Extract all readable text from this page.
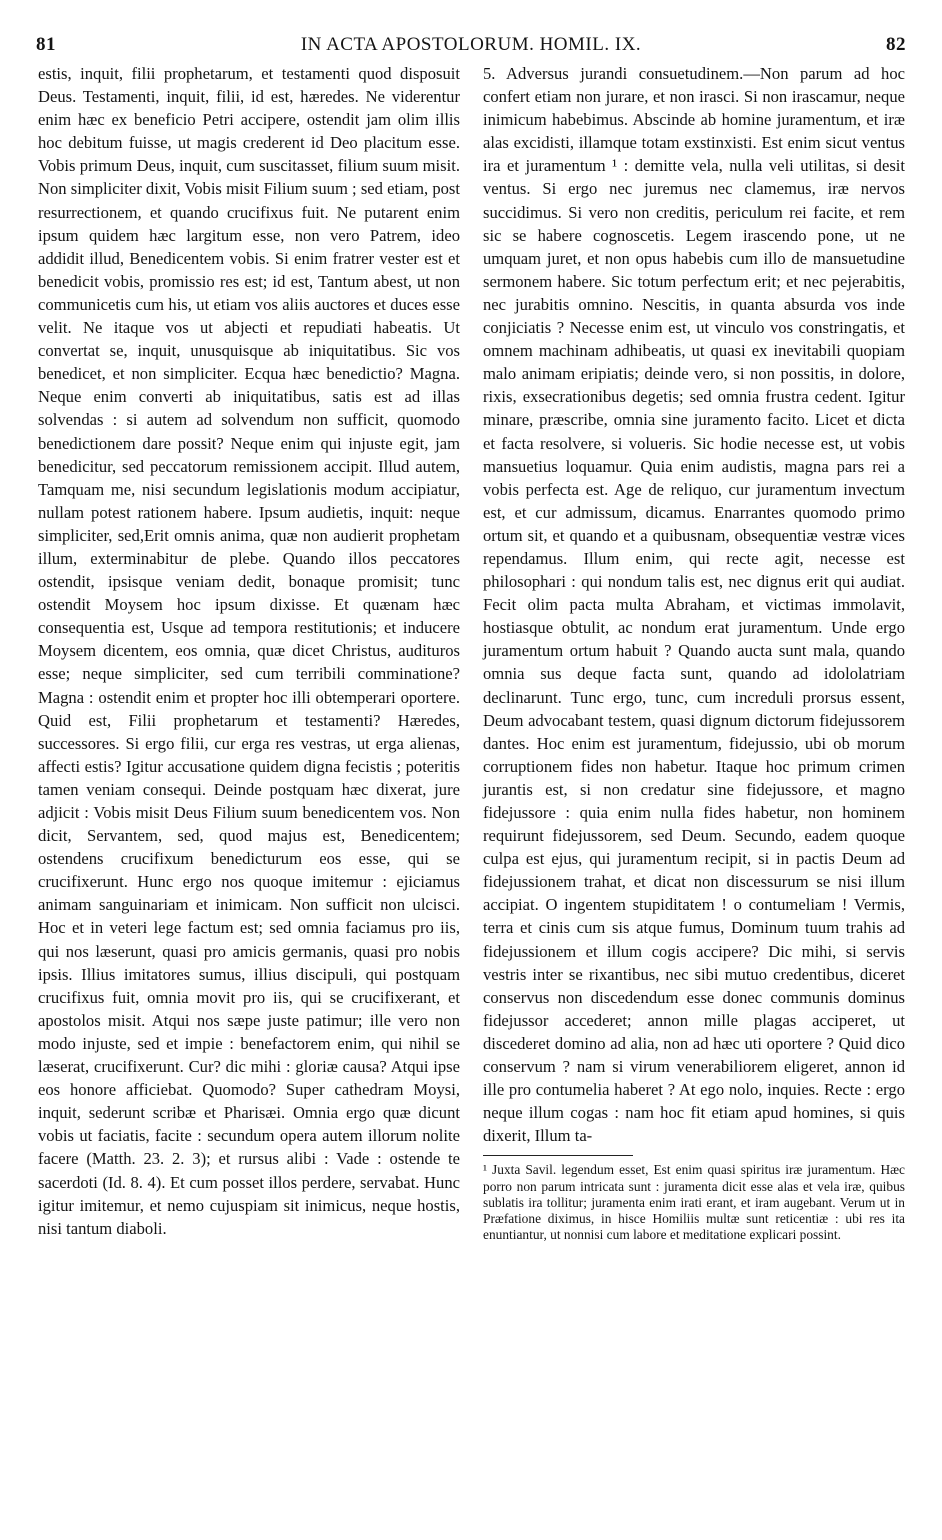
81	IN ACTA APOSTOLORUM. HOMIL. IX.	82

estis, inquit, filii prophetarum, et testamenti quod disposuit Deus. Testamenti, inquit, filii, id est, hæredes. Ne viderentur enim hæc ex beneficio Petri accipere, ostendit jam olim illis hoc debitum fuisse, ut magis crederent id Deo placitum esse. Vobis primum Deus, inquit, cum suscitasset, filium suum misit. Non simpliciter dixit, Vobis misit Filium suum ; sed etiam, post resurrectionem, et quando crucifixus fuit. Ne putarent enim ipsum quidem hæc largitum esse, non vero Patrem, ideo addidit illud, Benedicentem vobis. Si enim fratrer vester est et benedicit vobis, promissio res est; id est, Tantum abest, ut non communicetis cum his, ut etiam vos aliis auctores et duces esse velit. Ne itaque vos ut abjecti et repudiati habeatis. Ut convertat se, inquit, unusquisque ab iniquitatibus. Sic vos benedicet, et non simpliciter. Ecqua hæc benedictio? Magna. Neque enim converti ab iniquitatibus, satis est ad illas solvendas : si autem ad solvendum non sufficit, quomodo benedictionem dare possit? Neque enim qui injuste egit, jam benedicitur, sed peccatorum remissionem accipit. Illud autem, Tamquam me, nisi secundum legislationis modum accipiatur, nullam potest rationem habere. Ipsum audietis, inquit: neque simpliciter, sed,Erit omnis anima, quæ non audierit prophetam illum, exterminabitur de plebe. Quando illos peccatores ostendit, ipsisque veniam dedit, bonaque promisit; tunc ostendit Moysem hoc ipsum dixisse. Et quænam hæc consequentia est, Usque ad tempora restitutionis; et inducere Moysem dicentem, eos omnia, quæ dicet Christus, audituros esse; neque simpliciter, sed cum terribili comminatione? Magna : ostendit enim et propter hoc illi obtemperari oportere. Quid est, Filii prophetarum et testamenti? Hæredes, successores. Si ergo filii, cur erga res vestras, ut erga alienas, affecti estis? Igitur accusatione quidem digna fecistis ; poteritis tamen veniam consequi. Deinde postquam hæc dixerat, jure adjicit : Vobis misit Deus Filium suum benedicentem vos. Non dicit, Servantem, sed, quod majus est, Benedicentem; ostendens crucifixum benedicturum eos esse, qui se crucifixerunt. Hunc ergo nos quoque imitemur : ejiciamus animam sanguinariam et inimicam. Non sufficit non ulcisci. Hoc et in veteri lege factum est; sed omnia faciamus pro iis, qui nos læserunt, quasi pro amicis germanis, quasi pro nobis ipsis. Illius imitatores sumus, illius discipuli, qui postquam crucifixus fuit, omnia movit pro iis, qui se crucifixerant, et apostolos misit. Atqui nos sæpe juste patimur; ille vero non modo injuste, sed et impie : benefactorem enim, qui nihil se læserat, crucifixerunt. Cur? dic mihi : gloriæ causa? Atqui ipse eos honore afficiebat. Quomodo? Super cathedram Moysi, inquit, sederunt scribæ et Pharisæi. Omnia ergo quæ dicunt vobis ut faciatis, facite : secundum opera autem illorum nolite facere (Matth. 23. 2. 3); et rursus alibi : Vade : ostende te sacerdoti (Id. 8. 4). Et cum posset illos perdere, servabat. Hunc igitur imitemur, et nemo cujuspiam sit inimicus, neque hostis, nisi tantum diaboli.

5. Adversus jurandi consuetudinem.—Non parum ad hoc confert etiam non jurare, et non irasci. Si non irascamur, neque inimicum habebimus. Abscinde ab homine juramentum, et iræ alas excidisti, illamque totam exstinxisti. Est enim sicut ventus ira et juramentum ¹ : demitte vela, nulla veli utilitas, si desit ventus. Si ergo nec juremus nec clamemus, iræ nervos succidimus. Si vero non creditis, periculum rei facite, et rem sic se habere cognoscetis. Legem irascendo pone, ut ne umquam juret, et non opus habebis cum illo de mansuetudine sermonem habere. Sic totum perfectum erit; et nec pejerabitis, nec jurabitis omnino. Nescitis, in quanta absurda vos inde conjiciatis ? Necesse enim est, ut vinculo vos constringatis, et omnem machinam adhibeatis, ut quasi ex inevitabili quopiam malo animam eripiatis; deinde vero, si non possitis, in dolore, rixis, exsecrationibus degetis; sed omnia frustra cedent. Igitur minare, præscribe, omnia sine juramento facito. Licet et dicta et facta resolvere, si volueris. Sic hodie necesse est, ut vobis mansuetius loquamur. Quia enim audistis, magna pars rei a vobis perfecta est. Age de reliquo, cur juramentum invectum est, et cur admissum, dicamus. Enarrantes quomodo primo ortum sit, et quando et a quibusnam, obsequentiæ vestræ vices rependamus. Illum enim, qui recte agit, necesse est philosophari : qui nondum talis est, nec dignus erit qui audiat. Fecit olim pacta multa Abraham, et victimas immolavit, hostiasque obtulit, ac nondum erat juramentum. Unde ergo juramentum ortum habuit ? Quando aucta sunt mala, quando omnia sus deque facta sunt, quando ad idololatriam declinarunt. Tunc ergo, tunc, cum increduli prorsus essent, Deum advocabant testem, quasi dignum dictorum fidejussorem dantes. Hoc enim est juramentum, fidejussio, ubi ob morum corruptionem fides non habetur. Itaque hoc primum crimen jurantis est, si non credatur sine fidejussore, et magno fidejussore : quia enim nulla fides habetur, non hominem requirunt fidejussorem, sed Deum. Secundo, eadem quoque culpa est ejus, qui juramentum recipit, si in pactis Deum ad fidejussionem trahat, et dicat non discessurum se nisi illum accipiat. O ingentem stupiditatem ! o contumeliam ! Vermis, terra et cinis cum sis atque fumus, Dominum tuum trahis ad fidejussionem et illum cogis accipere? Dic mihi, si servis vestris inter se rixantibus, nec sibi mutuo credentibus, diceret conservus non discedendum esse donec communis dominus fidejussor accederet; annon mille plagas acciperet, ut discederet domino ad alia, non ad hæc uti oportere ? Quid dico conservum ? nam si virum venerabiliorem eligeret, annon id ille pro contumelia haberet ? At ego nolo, inquies. Recte : ergo neque illum cogas : nam hoc fit etiam apud homines, si quis dixerit, Illum ta-

¹ Juxta Savil. legendum esset, Est enim quasi spiritus iræ juramentum. Hæc porro non parum intricata sunt : juramenta dicit esse alas et vela iræ, quibus sublatis ira tollitur; juramenta enim irati erant, et iram augebant. Verum ut in Præfatione diximus, in hisce Homiliis multæ sunt reticentiæ : ubi res ita enuntiantur, ut nonnisi cum labore et meditatione explicari possint.
